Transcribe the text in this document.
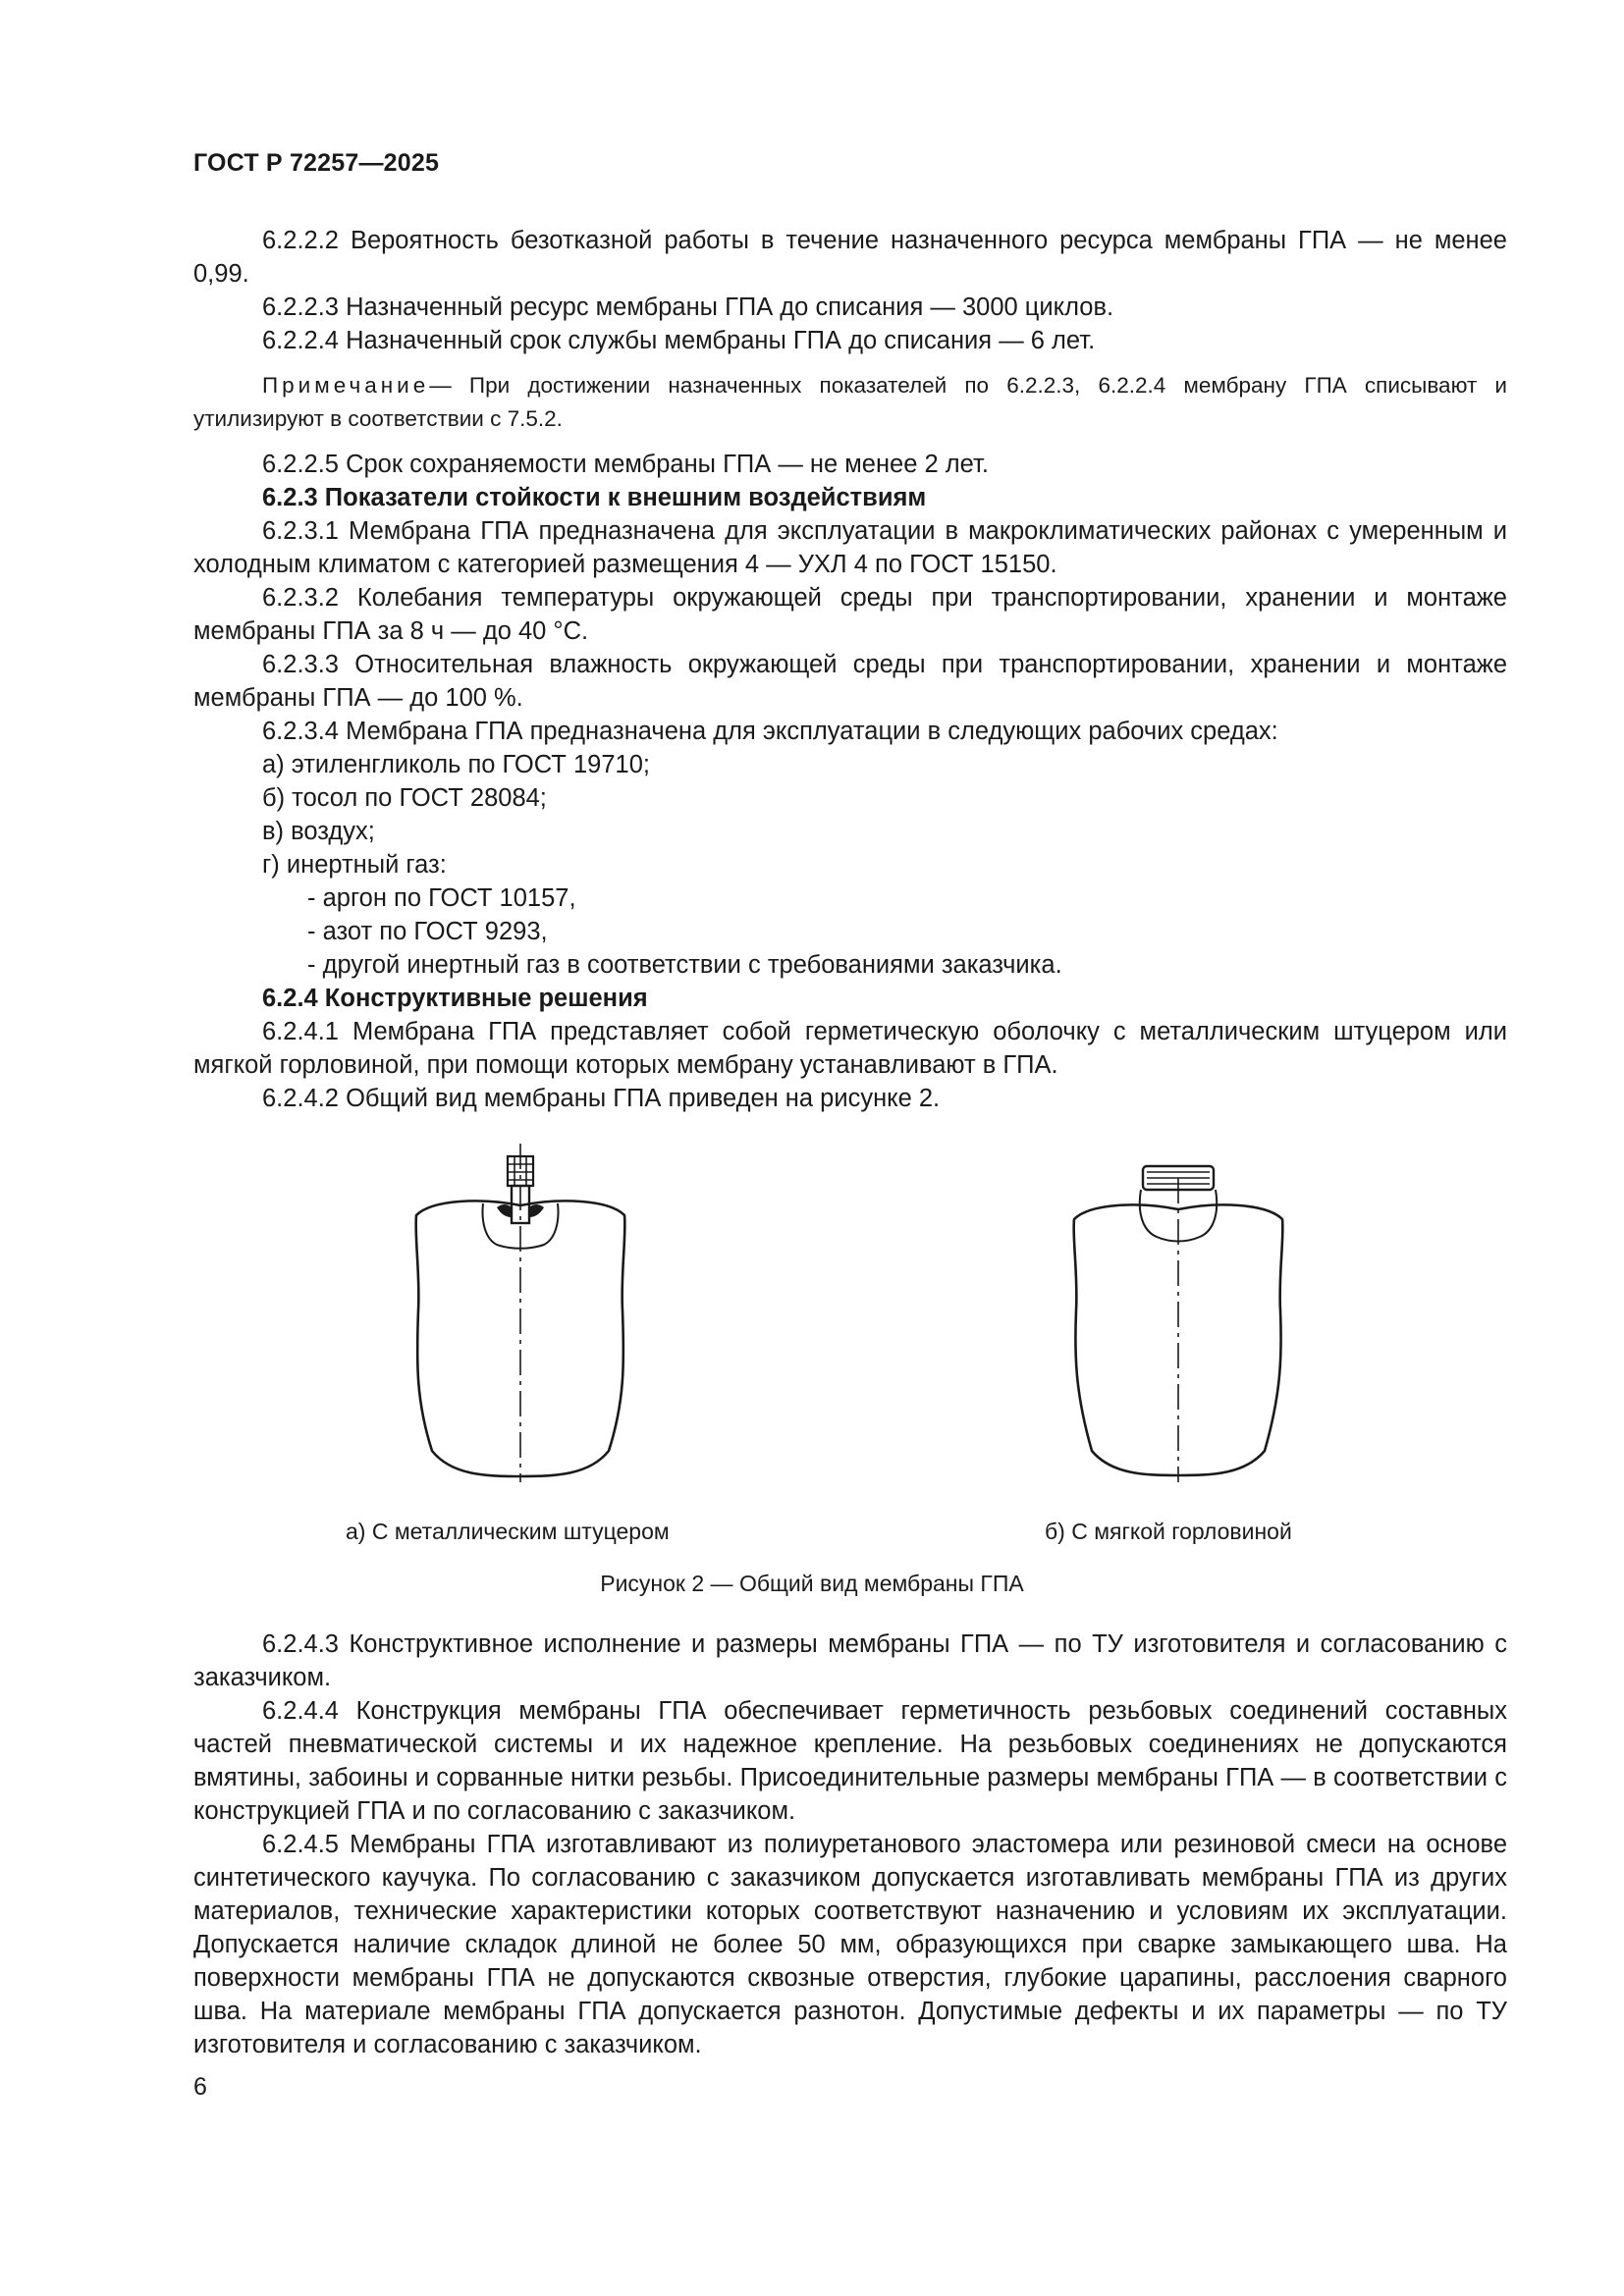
ГОСТ Р 72257—2025

6.2.2.2 Вероятность безотказной работы в течение назначенного ресурса мембраны ГПА — не менее 0,99.

6.2.2.3 Назначенный ресурс мембраны ГПА до списания — 3000 циклов.

6.2.2.4 Назначенный срок службы мембраны ГПА до списания — 6 лет.

Примечание— При достижении назначенных показателей по 6.2.2.3, 6.2.2.4 мембрану ГПА списывают и утилизируют в соответствии с 7.5.2.

6.2.2.5 Срок сохраняемости мембраны ГПА — не менее 2 лет.

6.2.3 Показатели стойкости к внешним воздействиям

6.2.3.1 Мембрана ГПА предназначена для эксплуатации в макроклиматических районах с умеренным и холодным климатом с категорией размещения 4 — УХЛ 4 по ГОСТ 15150.

6.2.3.2 Колебания температуры окружающей среды при транспортировании, хранении и монтаже мембраны ГПА за 8 ч — до 40 °С.

6.2.3.3 Относительная влажность окружающей среды при транспортировании, хранении и монтаже мембраны ГПА — до 100 %.

6.2.3.4 Мембрана ГПА предназначена для эксплуатации в следующих рабочих средах:

а) этиленгликоль по ГОСТ 19710;

б) тосол по ГОСТ 28084;

в) воздух;

г) инертный газ:

- аргон по ГОСТ 10157,

- азот по ГОСТ 9293,

- другой инертный газ в соответствии с требованиями заказчика.

6.2.4 Конструктивные решения

6.2.4.1 Мембрана ГПА представляет собой герметическую оболочку с металлическим штуцером или мягкой горловиной, при помощи которых мембрану устанавливают в ГПА.

6.2.4.2 Общий вид мембраны ГПА приведен на рисунке 2.

а) С металлическим штуцером	б) С мягкой горловиной
Рисунок 2 — Общий вид мембраны ГПА

6.2.4.3 Конструктивное исполнение и размеры мембраны ГПА — по ТУ изготовителя и согласованию с заказчиком.

6.2.4.4 Конструкция мембраны ГПА обеспечивает герметичность резьбовых соединений составных частей пневматической системы и их надежное крепление. На резьбовых соединениях не допускаются вмятины, забоины и сорванные нитки резьбы. Присоединительные размеры мембраны ГПА — в соответствии с конструкцией ГПА и по согласованию с заказчиком.

6.2.4.5 Мембраны ГПА изготавливают из полиуретанового эластомера или резиновой смеси на основе синтетического каучука. По согласованию с заказчиком допускается изготавливать мембраны ГПА из других материалов, технические характеристики которых соответствуют назначению и условиям их эксплуатации. Допускается наличие складок длиной не более 50 мм, образующихся при сварке замыкающего шва. На поверхности мембраны ГПА не допускаются сквозные отверстия, глубокие царапины, расслоения сварного шва. На материале мембраны ГПА допускается разнотон. Допустимые дефекты и их параметры — по ТУ изготовителя и согласованию с заказчиком.

6
